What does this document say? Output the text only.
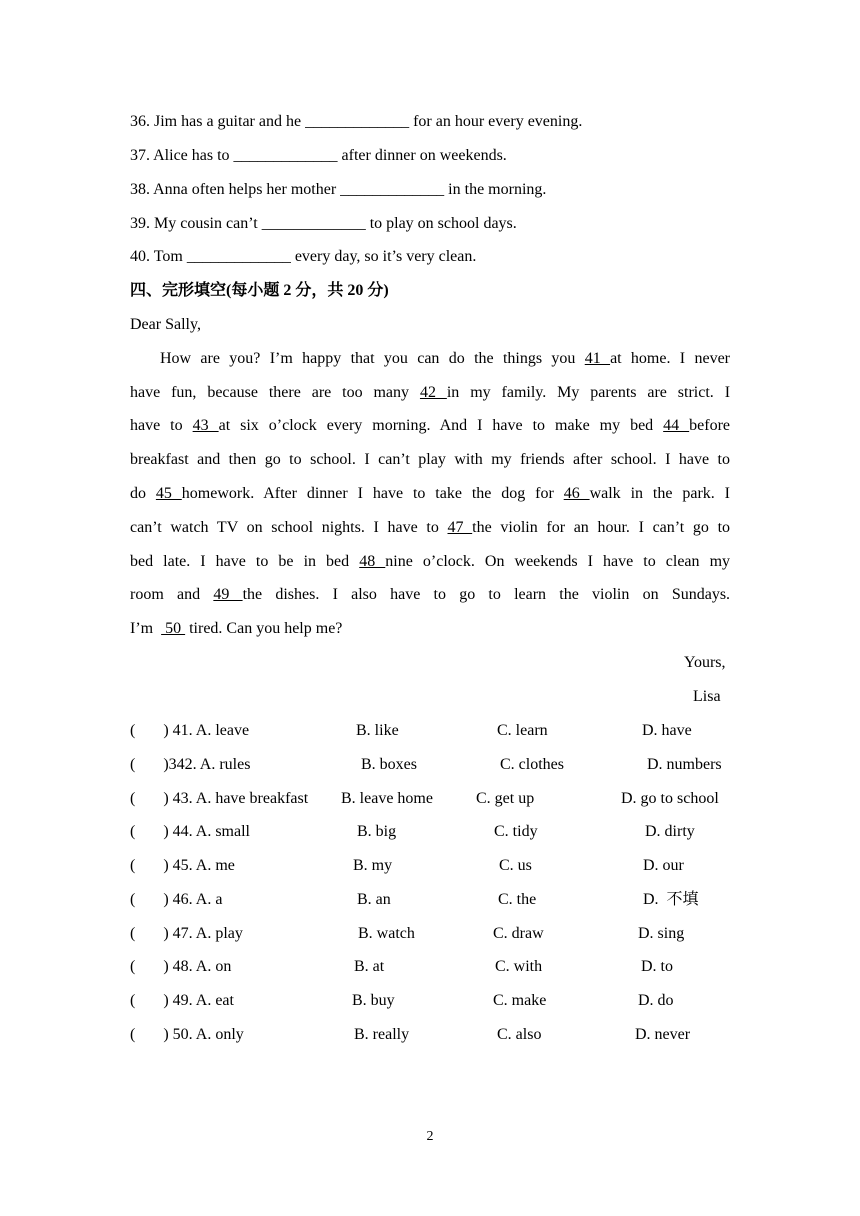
36. Jim has a guitar and he _____________ for an hour every evening.
37. Alice has to _____________ after dinner on weekends.
38. Anna often helps her mother _____________ in the morning.
39. My cousin can’t _____________ to play on school days.
40. Tom _____________ every day, so it’s very clean.
四、完形填空(每小题 2 分，共 20 分)
Dear Sally,
How are you? I’m happy that you can do the things you 41 at home. I never
have fun, because there are too many 42 in my family. My parents are strict. I
have to 43 at six o’clock every morning. And I have to make my bed 44 before
breakfast and then go to school. I can’t play with my friends after school. I have to
do 45 homework. After dinner I have to take the dog for 46 walk in the park. I
can’t watch TV on school nights. I have to 47 the violin for an hour. I can’t go to
bed late. I have to be in bed 48 nine o’clock. On weekends I have to clean my
room and 49 the dishes. I also have to go to learn the violin on Sundays.
I’m   50  tired. Can you help me?
Yours,
Lisa
(       ) 41. A. leave	B. like	C. learn	D. have
(       )342. A. rules	B. boxes	C. clothes	D. numbers
(       ) 43. A. have breakfast B. leave home	C. get up	D. go to school
(       ) 44. A. small	B. big	C. tidy	D. dirty
(       ) 45. A. me	B. my	C. us	D. our
(       ) 46. A. a	B. an	C. the	D.  不填
(       ) 47. A. play	B. watch	C. draw	D. sing
(       ) 48. A. on	B. at	C. with	D. to
(       ) 49. A. eat	B. buy	C. make	D. do
(       ) 50. A. only	B. really	C. also	D. never
2
